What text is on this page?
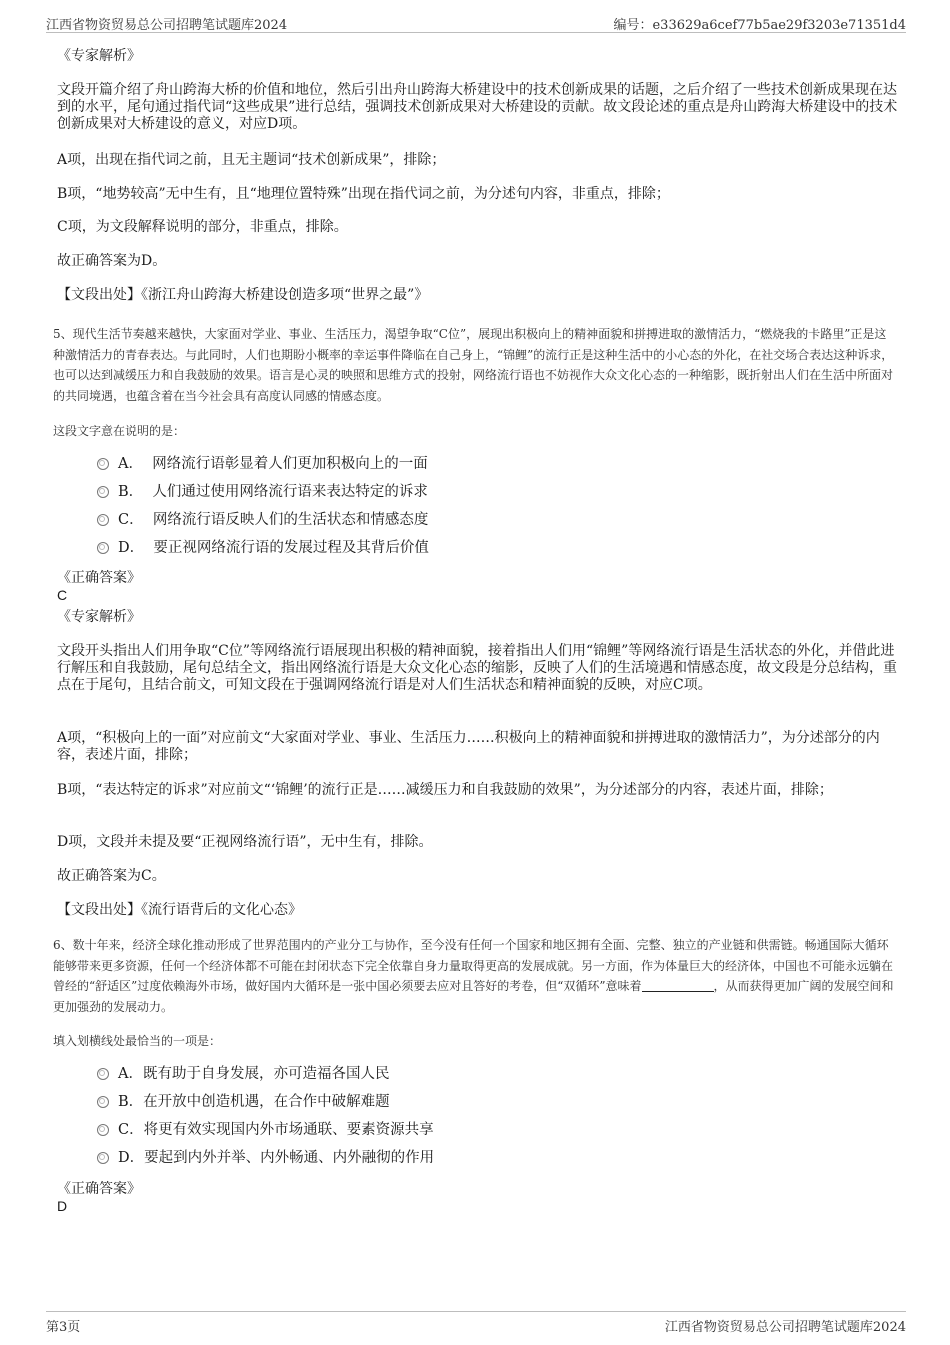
江西省物资贸易总公司招聘笔试题库2024	编号：e33629a6cef77b5ae29f3203e71351d4
《专家解析》
文段开篇介绍了舟山跨海大桥的价值和地位，然后引出舟山跨海大桥建设中的技术创新成果的话题，之后介绍了一些技术创新成果现在达到的水平，尾句通过指代词“这些成果”进行总结，强调技术创新成果对大桥建设的贡献。故文段论述的重点是舟山跨海大桥建设中的技术创新成果对大桥建设的意义，对应D项。
A项，出现在指代词之前，且无主题词“技术创新成果”，排除；
B项，“地势较高”无中生有，且“地理位置特殊”出现在指代词之前，为分述句内容，非重点，排除；
C项，为文段解释说明的部分，非重点，排除。
故正确答案为D。
【文段出处】《浙江舟山跨海大桥建设创造多项“世界之最”》
5、现代生活节奏越来越快，大家面对学业、事业、生活压力，渴望争取“C位”，展现出积极向上的精神面貌和拼搏进取的激情活力，“燃烧我的卡路里”正是这种激情活力的青春表达。与此同时，人们也期盼小概率的幸运事件降临在自己身上，“锦鲤”的流行正是这种生活中的小心态的外化，在社交场合表达这种诉求，也可以达到减缓压力和自我鼓励的效果。语言是心灵的映照和思维方式的投射，网络流行语也不妨视作大众文化心态的一种缩影，既折射出人们在生活中所面对的共同境遇，也蕴含着在当今社会具有高度认同感的情感态度。
这段文字意在说明的是：
A． 网络流行语彰显着人们更加积极向上的一面
B． 人们通过使用网络流行语来表达特定的诉求
C． 网络流行语反映人们的生活状态和情感态度
D． 要正视网络流行语的发展过程及其背后价值
《正确答案》
C
《专家解析》
文段开头指出人们用争取“C位”等网络流行语展现出积极的精神面貌，接着指出人们用“锦鲤”等网络流行语是生活状态的外化，并借此进行解压和自我鼓励，尾句总结全文，指出网络流行语是大众文化心态的缩影，反映了人们的生活境遇和情感态度，故文段是分总结构，重点在于尾句，且结合前文，可知文段在于强调网络流行语是对人们生活状态和精神面貌的反映，对应C项。
A项，“积极向上的一面”对应前文“大家面对学业、事业、生活压力……积极向上的精神面貌和拼搏进取的激情活力”，为分述部分的内容，表述片面，排除；
B项，“表达特定的诉求”对应前文“‘锦鲤’的流行正是……减缓压力和自我鼓励的效果”，为分述部分的内容，表述片面，排除；
D项，文段并未提及要“正视网络流行语”，无中生有，排除。
故正确答案为C。
【文段出处】《流行语背后的文化心态》
6、数十年来，经济全球化推动形成了世界范围内的产业分工与协作，至今没有任何一个国家和地区拥有全面、完整、独立的产业链和供需链。畅通国际大循环能够带来更多资源，任何一个经济体都不可能在封闭状态下完全依靠自身力量取得更高的发展成就。另一方面，作为体量巨大的经济体，中国也不可能永远躺在曾经的“舒适区”过度依赖海外市场，做好国内大循环是一张中国必须要去应对且答好的考卷，但“双循环”意味着	，从而获得更加广阔的发展空间和更加强劲的发展动力。
填入划横线处最恰当的一项是：
A．既有助于自身发展，亦可造福各国人民
B．在开放中创造机遇，在合作中破解难题
C．将更有效实现国内外市场通联、要素资源共享
D．要起到内外并举、内外畅通、内外融彻的作用
《正确答案》
D
第3页	江西省物资贸易总公司招聘笔试题库2024
